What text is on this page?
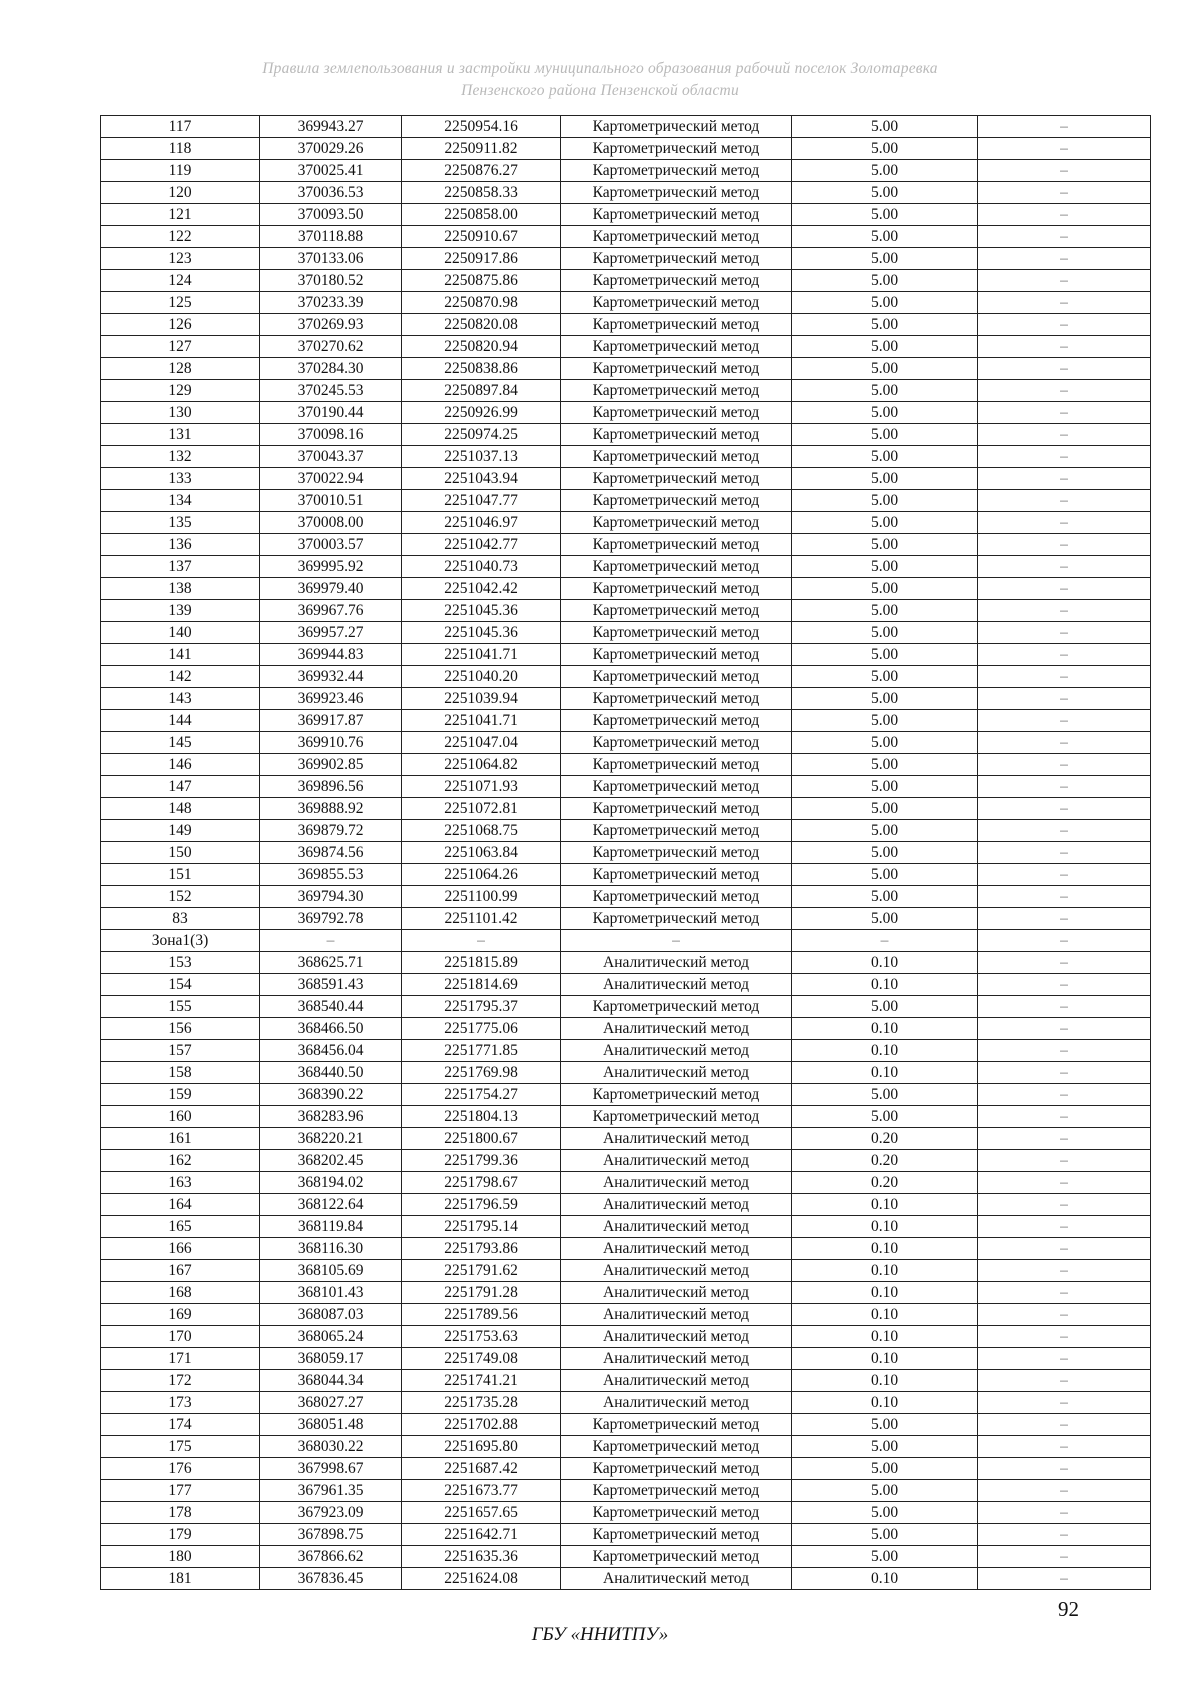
Правила землепользования и застройки муниципального образования рабочий поселок Золотаревка
Пензенского района Пензенской области
117	369943.27	2250954.16	Картометрический метод	5.00	–
118	370029.26	2250911.82	Картометрический метод	5.00	–
119	370025.41	2250876.27	Картометрический метод	5.00	–
120	370036.53	2250858.33	Картометрический метод	5.00	–
121	370093.50	2250858.00	Картометрический метод	5.00	–
122	370118.88	2250910.67	Картометрический метод	5.00	–
123	370133.06	2250917.86	Картометрический метод	5.00	–
124	370180.52	2250875.86	Картометрический метод	5.00	–
125	370233.39	2250870.98	Картометрический метод	5.00	–
126	370269.93	2250820.08	Картометрический метод	5.00	–
127	370270.62	2250820.94	Картометрический метод	5.00	–
128	370284.30	2250838.86	Картометрический метод	5.00	–
129	370245.53	2250897.84	Картометрический метод	5.00	–
130	370190.44	2250926.99	Картометрический метод	5.00	–
131	370098.16	2250974.25	Картометрический метод	5.00	–
132	370043.37	2251037.13	Картометрический метод	5.00	–
133	370022.94	2251043.94	Картометрический метод	5.00	–
134	370010.51	2251047.77	Картометрический метод	5.00	–
135	370008.00	2251046.97	Картометрический метод	5.00	–
136	370003.57	2251042.77	Картометрический метод	5.00	–
137	369995.92	2251040.73	Картометрический метод	5.00	–
138	369979.40	2251042.42	Картометрический метод	5.00	–
139	369967.76	2251045.36	Картометрический метод	5.00	–
140	369957.27	2251045.36	Картометрический метод	5.00	–
141	369944.83	2251041.71	Картометрический метод	5.00	–
142	369932.44	2251040.20	Картометрический метод	5.00	–
143	369923.46	2251039.94	Картометрический метод	5.00	–
144	369917.87	2251041.71	Картометрический метод	5.00	–
145	369910.76	2251047.04	Картометрический метод	5.00	–
146	369902.85	2251064.82	Картометрический метод	5.00	–
147	369896.56	2251071.93	Картометрический метод	5.00	–
148	369888.92	2251072.81	Картометрический метод	5.00	–
149	369879.72	2251068.75	Картометрический метод	5.00	–
150	369874.56	2251063.84	Картометрический метод	5.00	–
151	369855.53	2251064.26	Картометрический метод	5.00	–
152	369794.30	2251100.99	Картометрический метод	5.00	–
83	369792.78	2251101.42	Картометрический метод	5.00	–
Зона1(3)	–	–	–	–	–
153	368625.71	2251815.89	Аналитический метод	0.10	–
154	368591.43	2251814.69	Аналитический метод	0.10	–
155	368540.44	2251795.37	Картометрический метод	5.00	–
156	368466.50	2251775.06	Аналитический метод	0.10	–
157	368456.04	2251771.85	Аналитический метод	0.10	–
158	368440.50	2251769.98	Аналитический метод	0.10	–
159	368390.22	2251754.27	Картометрический метод	5.00	–
160	368283.96	2251804.13	Картометрический метод	5.00	–
161	368220.21	2251800.67	Аналитический метод	0.20	–
162	368202.45	2251799.36	Аналитический метод	0.20	–
163	368194.02	2251798.67	Аналитический метод	0.20	–
164	368122.64	2251796.59	Аналитический метод	0.10	–
165	368119.84	2251795.14	Аналитический метод	0.10	–
166	368116.30	2251793.86	Аналитический метод	0.10	–
167	368105.69	2251791.62	Аналитический метод	0.10	–
168	368101.43	2251791.28	Аналитический метод	0.10	–
169	368087.03	2251789.56	Аналитический метод	0.10	–
170	368065.24	2251753.63	Аналитический метод	0.10	–
171	368059.17	2251749.08	Аналитический метод	0.10	–
172	368044.34	2251741.21	Аналитический метод	0.10	–
173	368027.27	2251735.28	Аналитический метод	0.10	–
174	368051.48	2251702.88	Картометрический метод	5.00	–
175	368030.22	2251695.80	Картометрический метод	5.00	–
176	367998.67	2251687.42	Картометрический метод	5.00	–
177	367961.35	2251673.77	Картометрический метод	5.00	–
178	367923.09	2251657.65	Картометрический метод	5.00	–
179	367898.75	2251642.71	Картометрический метод	5.00	–
180	367866.62	2251635.36	Картометрический метод	5.00	–
181	367836.45	2251624.08	Аналитический метод	0.10	–
92
ГБУ «ННИТПУ»
